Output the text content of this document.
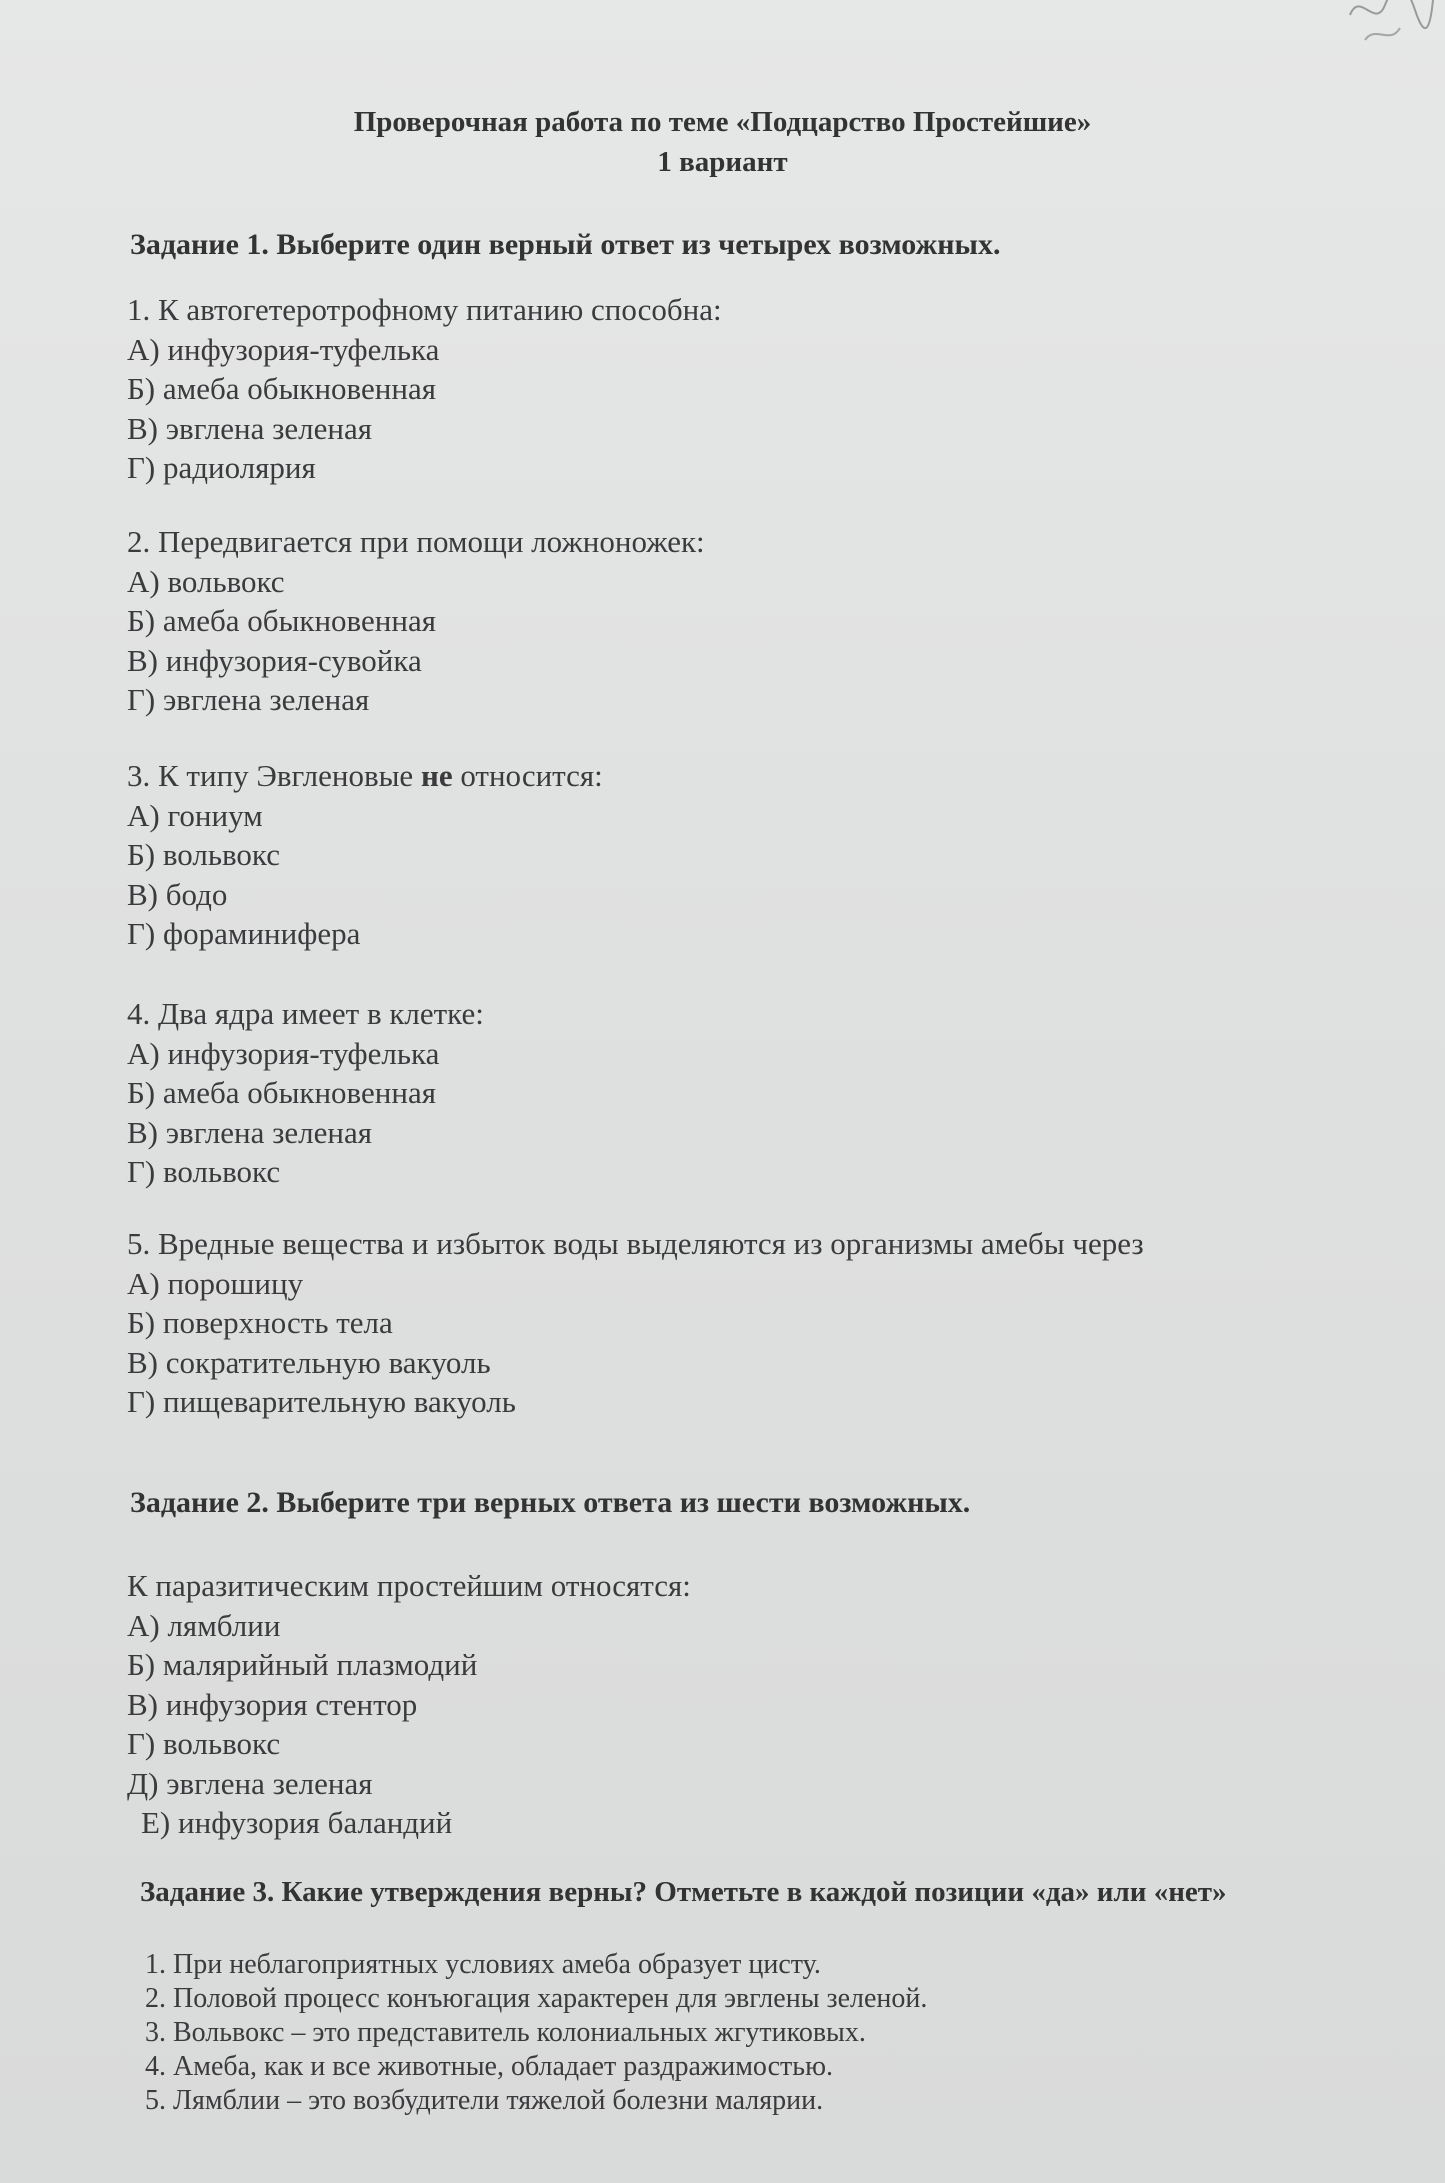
Проверочная работа по теме «Подцарство Простейшие»
1 вариант
Задание 1. Выберите один верный ответ из четырех возможных.
1. К автогетеротрофному питанию способна:
А) инфузория-туфелька
Б) амеба обыкновенная
В) эвглена зеленая
Г) радиолярия
2. Передвигается при помощи ложноножек:
А) вольвокс
Б) амеба обыкновенная
В) инфузория-сувойка
Г) эвглена зеленая
3. К типу Эвгленовые не относится:
А) гониум
Б) вольвокс
В) бодо
Г) фораминифера
4. Два ядра имеет в клетке:
А) инфузория-туфелька
Б) амеба обыкновенная
В) эвглена зеленая
Г) вольвокс
5. Вредные вещества и избыток воды выделяются из организмы амебы через
А) порошицу
Б) поверхность тела
В) сократительную вакуоль
Г) пищеварительную вакуоль
Задание 2. Выберите три верных ответа из шести возможных.
К паразитическим простейшим относятся:
А) лямблии
Б) малярийный плазмодий
В) инфузория стентор
Г) вольвокс
Д) эвглена зеленая
Е) инфузория баландий
Задание 3. Какие утверждения верны? Отметьте в каждой позиции «да» или «нет»
1. При неблагоприятных условиях амеба образует цисту.
2. Половой процесс конъюгация характерен для эвглены зеленой.
3. Вольвокс – это представитель колониальных жгутиковых.
4. Амеба, как и все животные, обладает раздражимостью.
5. Лямблии – это возбудители тяжелой болезни малярии.
